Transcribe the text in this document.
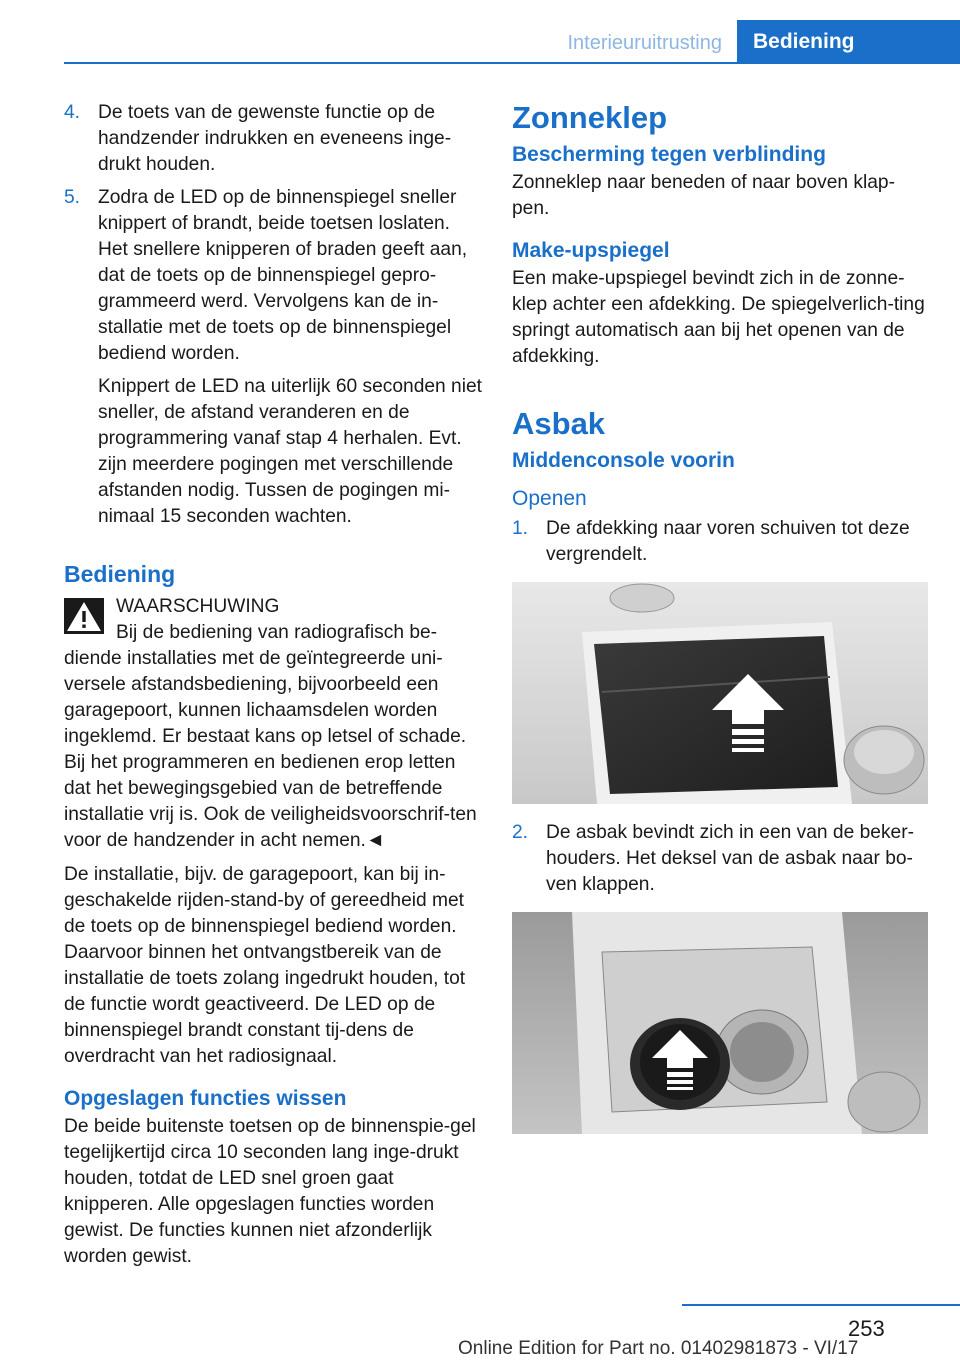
Interieuruitrusting	Bediening
4. De toets van de gewenste functie op de handzender indrukken en eveneens inge‐drukt houden.

5. Zodra de LED op de binnenspiegel sneller knippert of brandt, beide toetsen loslaten. Het snellere knipperen of braden geeft aan, dat de toets op de binnenspiegel gepro‐grammeerd werd. Vervolgens kan de in‐stallatie met de toets op de binnenspiegel bediend worden.

Knippert de LED na uiterlijk 60 seconden niet sneller, de afstand veranderen en de programmering vanaf stap 4 herhalen. Evt. zijn meerdere pogingen met verschillende afstanden nodig. Tussen de pogingen mi‐nimaal 15 seconden wachten.

Bediening

WAARSCHUWING

Bij de bediening van radiografisch be‐diende installaties met de geïntegreerde uni‐versele afstandsbediening, bijvoorbeeld een garagepoort, kunnen lichaamsdelen worden ingeklemd. Er bestaat kans op letsel of schade. Bij het programmeren en bedienen erop letten dat het bewegingsgebied van de betreffende installatie vrij is. Ook de veiligheidsvoorschrif‐ten voor de handzender in acht nemen.◄

De installatie, bijv. de garagepoort, kan bij in‐geschakelde rijden-stand-by of gereedheid met de toets op de binnenspiegel bediend worden. Daarvoor binnen het ontvangstbereik van de installatie de toets zolang ingedrukt houden, tot de functie wordt geactiveerd. De LED op de binnenspiegel brandt constant tij‐dens de overdracht van het radiosignaal.

Opgeslagen functies wissen

De beide buitenste toetsen op de binnenspie‐gel tegelijkertijd circa 10 seconden lang inge‐drukt houden, totdat de LED snel groen gaat knipperen. Alle opgeslagen functies worden gewist. De functies kunnen niet afzonderlijk worden gewist.

Zonneklep
Bescherming tegen verblinding

Zonneklep naar beneden of naar boven klap‐pen.

Make-upspiegel

Een make-upspiegel bevindt zich in de zonne‐klep achter een afdekking. De spiegelverlich‐ting springt automatisch aan bij het openen van de afdekking.

Asbak
Middenconsole voorin
Openen
1. De afdekking naar voren schuiven tot deze vergrendelt.

2. De asbak bevindt zich in een van de beker‐houders. Het deksel van de asbak naar bo‐ven klappen.

253
Online Edition for Part no. 01402981873 - VI/17
